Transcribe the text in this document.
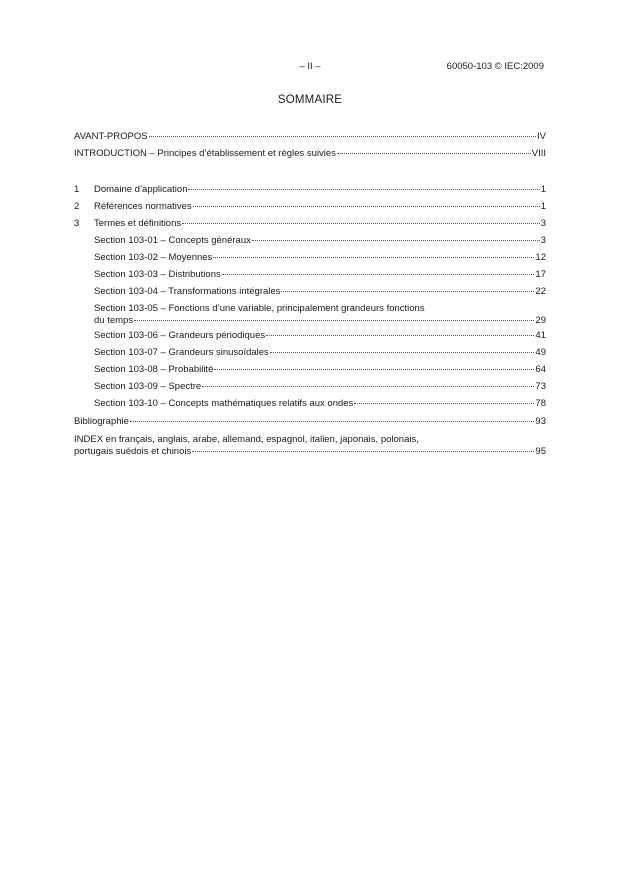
– II –	60050-103 © IEC:2009
SOMMAIRE
AVANT-PROPOS	IV
INTRODUCTION – Principes d’établissement et règles suivies	VIII
1	Domaine d’application	1
2	Références normatives	1
3	Termes et définitions	3
Section 103-01 – Concepts généraux	3
Section 103-02 – Moyennes	12
Section 103-03 – Distributions	17
Section 103-04 – Transformations intégrales	22
Section 103-05 – Fonctions d’une variable, principalement grandeurs fonctions
du temps	29
Section 103-06 – Grandeurs périodiques	41
Section 103-07 – Grandeurs sinusoïdales	49
Section 103-08 – Probabilité	64
Section 103-09 – Spectre	73
Section 103-10 – Concepts mathématiques relatifs aux ondes	78
Bibliographie	93
INDEX en français, anglais, arabe, allemand, espagnol, italien, japonais, polonais,
portugais suédois et chinois	95
